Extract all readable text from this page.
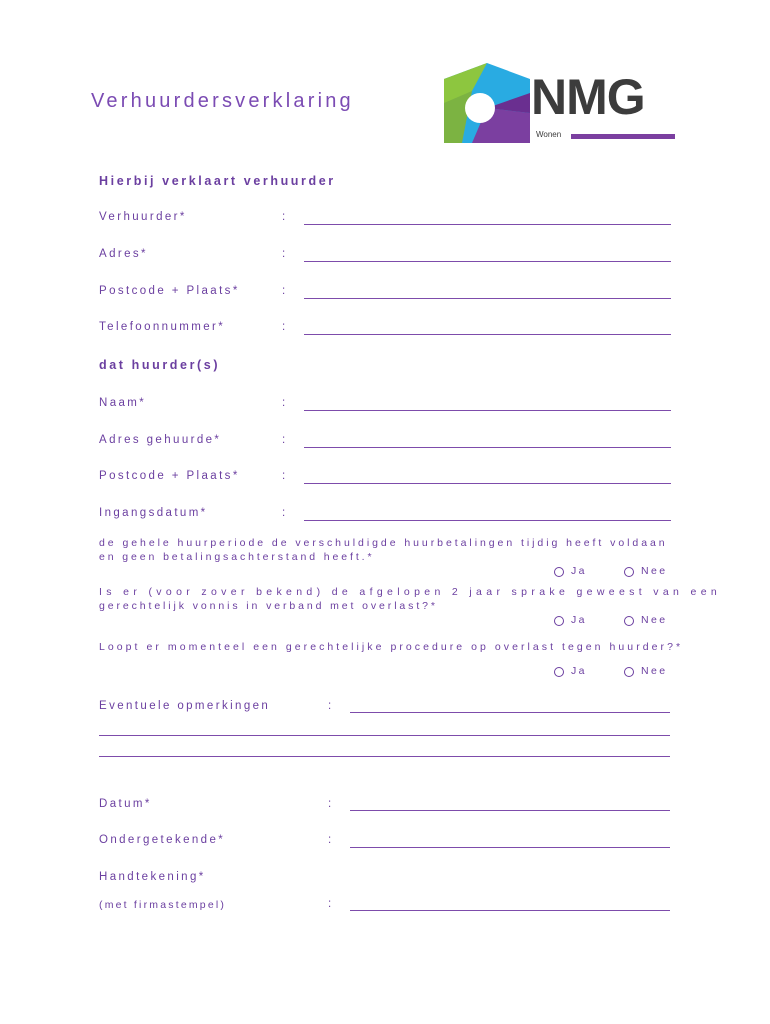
Verhuurdersverklaring	NMG
Wonen
Hierbij verklaart verhuurder
Verhuurder*	:
Adres*	:
Postcode + Plaats*	:
Telefoonnummer*	:
dat huurder(s)
Naam*	:
Adres gehuurde*	:
Postcode + Plaats*	:
Ingangsdatum*	:
de gehele huurperiode de verschuldigde huurbetalingen tijdig heeft voldaan
en geen betalingsachterstand heeft.*
Ja	Nee
Is er (voor zover bekend) de afgelopen 2 jaar sprake geweest van een
gerechtelijk vonnis in verband met overlast?*
Ja	Nee
Loopt er momenteel een gerechtelijke procedure op overlast tegen huurder?*
Ja	Nee
Eventuele opmerkingen	:
Datum*	:
Ondergetekende*	:
Handtekening*
(met firmastempel)	:
